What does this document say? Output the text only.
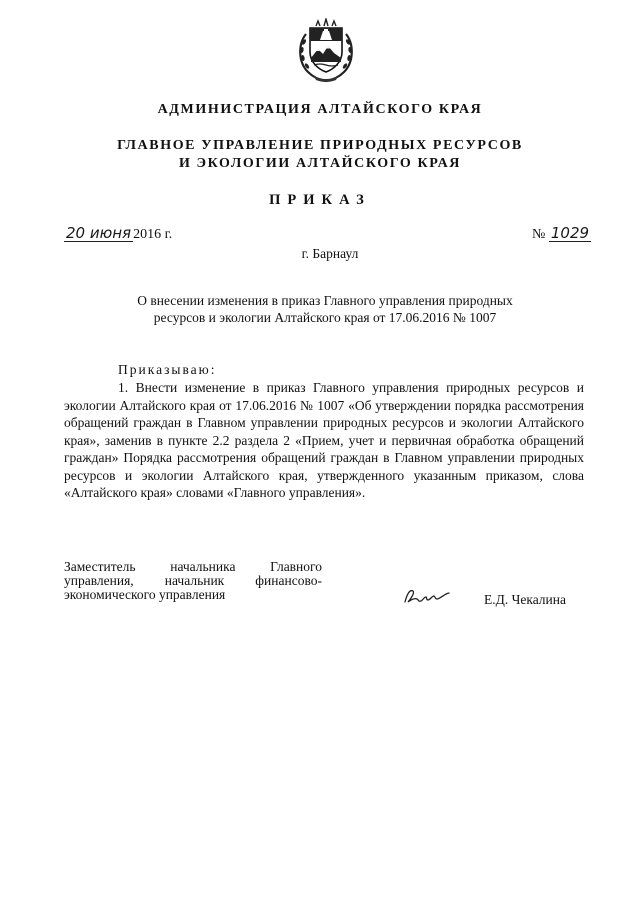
АДМИНИСТРАЦИЯ АЛТАЙСКОГО КРАЯ
ГЛАВНОЕ УПРАВЛЕНИЕ ПРИРОДНЫХ РЕСУРСОВ
И ЭКОЛОГИИ АЛТАЙСКОГО КРАЯ
ПРИКАЗ
20 июня 2016 г.	№ 1029
г. Барнаул
О внесении изменения в приказ Главного управления природных ресурсов и экологии Алтайского края от 17.06.2016 № 1007
Приказываю:
1. Внести изменение в приказ Главного управления природных ресурсов и экологии Алтайского края от 17.06.2016 № 1007 «Об утверждении порядка рассмотрения обращений граждан в Главном управлении природных ресурсов и экологии Алтайского края», заменив в пункте 2.2 раздела 2 «Прием, учет и первичная обработка обращений граждан» Порядка рассмотрения обращений граждан в Главном управлении природных ресурсов и экологии Алтайского края, утвержденного указанным приказом, слова «Алтайского края» словами «Главного управления».
Заместитель начальника Главного управления, начальник финансово-экономического управления	Е.Д. Чекалина
